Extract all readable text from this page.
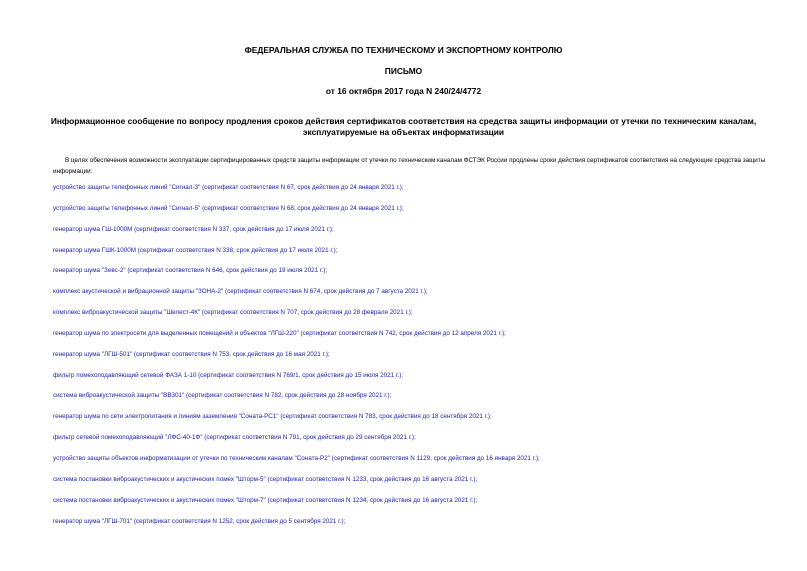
ФЕДЕРАЛЬНАЯ СЛУЖБА ПО ТЕХНИЧЕСКОМУ И ЭКСПОРТНОМУ КОНТРОЛЮ
ПИСЬМО
от 16 октября 2017 года N 240/24/4772
Информационное сообщение по вопросу продления сроков действия сертификатов соответствия на средства защиты информации от утечки по техническим каналам, эксплуатируемые на объектах информатизации
В целях обеспечения возможности эксплуатации сертифицированных средств защиты информации от утечки по техническим каналам ФСТЭК России продлены сроки действия сертификатов соответствия на следующие средства защиты информации:
устройство защиты телефонных линий "Сигнал-3" (сертификат соответствия N 67, срок действия до 24 января 2021 г.);
устройство защиты телефонных линий "Сигнал-5" (сертификат соответствия N 68, срок действия до 24 января 2021 г.);
генератор шума ГШ-1000М (сертификат соответствия N 337, срок действия до 17 июля 2021 г.);
генератор шума ГШК-1000М (сертификат соответствия N 338, срок действия до 17 июля 2021 г.);
генератор шума "Зевс-2" (сертификат соответствия N 646, срок действия до 19 июля 2021 г.);
комплекс акустической и вибрационной защиты "ЗОНА-2" (сертификат соответствия N 674, срок действия до 7 августа 2021 г.);
комплекс виброакустической защиты "Шелест-4К" (сертификат соответствия N 707, срок действия до 28 февраля 2021 г.);
генератор шума по электросети для выделенных помещений и объектов "ЛГШ-220" (сертификат соответствия N 742, срок действия до 12 апреля 2021 г.);
генератор шума "ЛГШ-501" (сертификат соответствия N 753, срок действия до 16 мая 2021 г.);
фильтр помехоподавляющий сетевой ФАЗА 1-10 (сертификат соответствия N 769/1, срок действия до 15 июля 2021 г.);
система виброакустической защиты "ВВ301" (сертификат соответствия N 782, срок действия до 28 ноября 2021 г.);
генератор шума по сети электропитания и линиям заземления "Соната-РС1" (сертификат соответствия N 783, срок действия до 18 сентября 2021 г.);
фильтр сетевой помехоподавляющий "ЛФС-40-1Ф" (сертификат соответствия N 791, срок действия до 29 сентября 2021 г.);
устройство защиты объектов информатизации от утечки по техническим каналам "Соната-Р2" (сертификат соответствия N 1129, срок действия до 16 января 2021 г.);
система постановки виброакустических и акустических помех "Шторм-5" (сертификат соответствия N 1233, срок действия до 16 августа 2021 г.);
система постановки виброакустических и акустических помех "Шторм-7" (сертификат соответствия N 1234, срок действия до 16 августа 2021 г.);
генератор шума "ЛГШ-701" (сертификат соответствия N 1252, срок действия до 5 сентября 2021 г.);
